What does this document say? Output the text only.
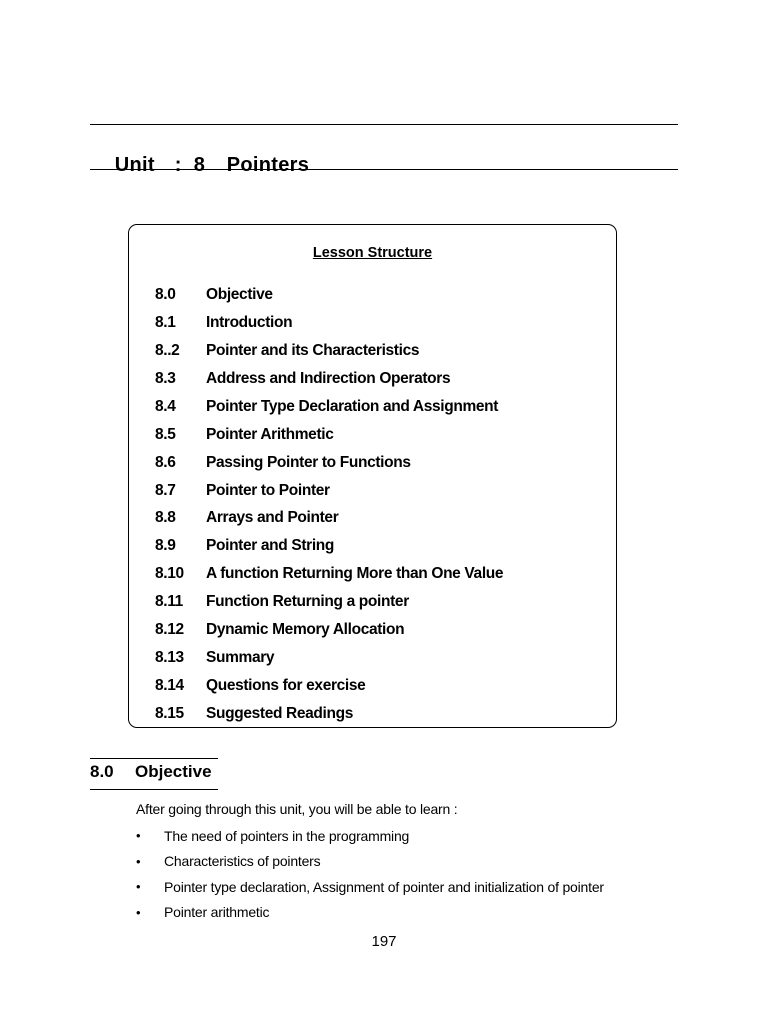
Unit : 8 Pointers

Lesson Structure
8.0	Objective
8.1	Introduction
8..2	Pointer and its Characteristics
8.3	Address and Indirection Operators
8.4	Pointer Type Declaration and Assignment
8.5	Pointer Arithmetic
8.6	Passing Pointer to Functions
8.7	Pointer to Pointer
8.8	Arrays and Pointer
8.9	Pointer and String
8.10	A function Returning More than One Value
8.11	Function Returning a pointer
8.12	Dynamic Memory Allocation
8.13	Summary
8.14	Questions for exercise
8.15	Suggested Readings
8.0 Objective
After going through this unit, you will be able to learn :
•	The need of pointers in the programming
•	Characteristics of pointers
•	Pointer type declaration, Assignment of pointer and initialization of pointer
•	Pointer arithmetic
197
